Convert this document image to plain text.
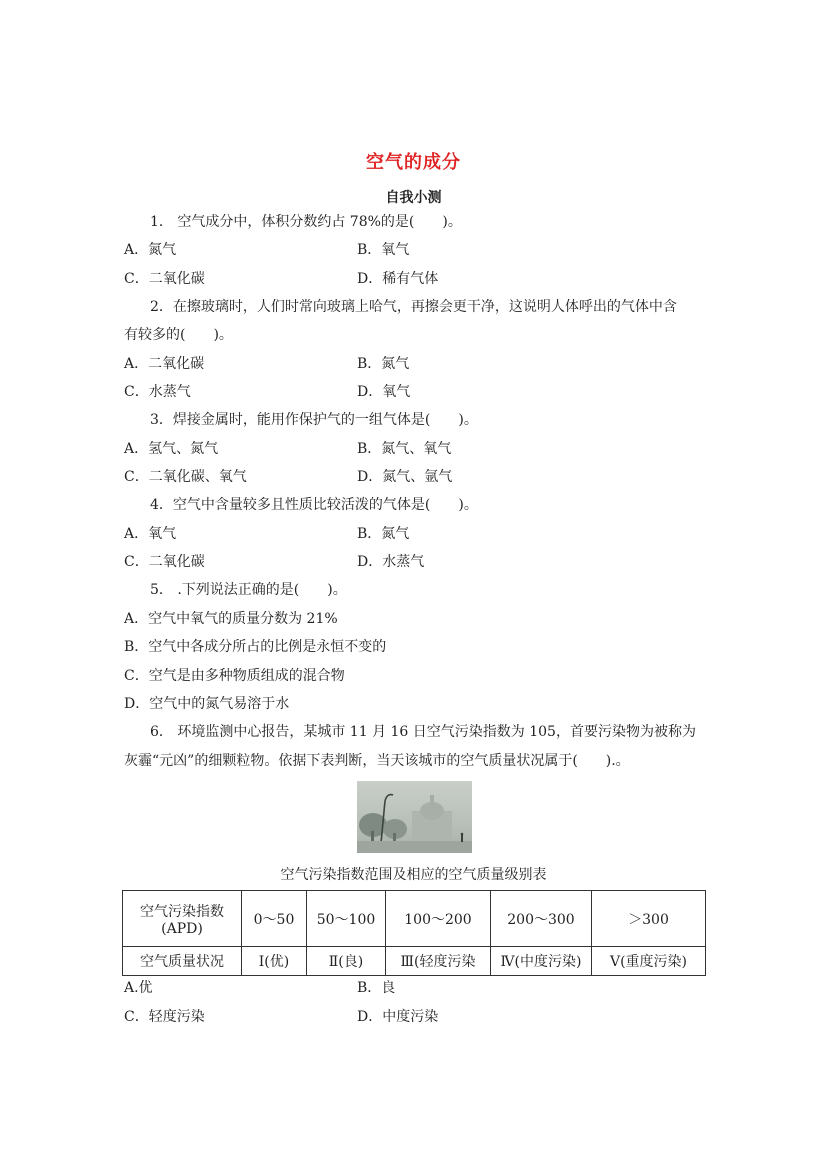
空气的成分
自我小测
1． 空气成分中，体积分数约占 78%的是(　　)。
A．氮气	B．氧气
C．二氧化碳	D．稀有气体
2．在擦玻璃时，人们时常向玻璃上哈气，再擦会更干净，这说明人体呼出的气体中含
有较多的(　　)。
A．二氧化碳	B．氮气
C．水蒸气	D．氧气
3．焊接金属时，能用作保护气的一组气体是(　　)。
A．氢气、氮气	B．氮气、氧气
C．二氧化碳、氧气	D．氮气、氩气
4．空气中含量较多且性质比较活泼的气体是(　　)。
A．氧气	B．氮气
C．二氧化碳	D．水蒸气
5． .下列说法正确的是(　　)。
A．空气中氧气的质量分数为 21%
B．空气中各成分所占的比例是永恒不变的
C．空气是由多种物质组成的混合物
D．空气中的氮气易溶于水
6． 环境监测中心报告，某城市 11 月 16 日空气污染指数为 105，首要污染物为被称为
灰霾“元凶”的细颗粒物。依据下表判断，当天该城市的空气质量状况属于(　　).。
空气污染指数范围及相应的空气质量级别表
空气污染指数
(APD)	0～50	50～100	100～200	200～300	＞300
空气质量状况	Ⅰ(优)	Ⅱ(良)	Ⅲ(轻度污染	Ⅳ(中度污染)	Ⅴ(重度污染)
A.优	B．良
C．轻度污染	D．中度污染
